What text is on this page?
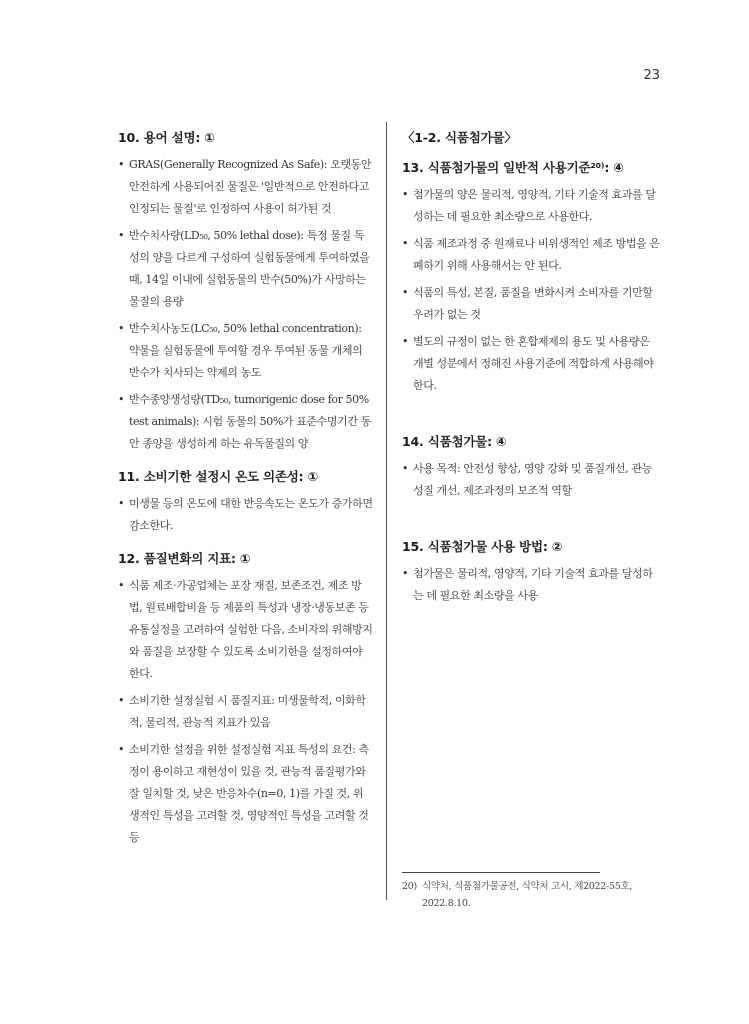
23
10. 용어 설명: ①
• GRAS(Generally Recognized As Safe): 오랫동안 안전하게 사용되어진 물질은 '일반적으로 안전하다고 인정되는 물질'로 인정하여 사용이 허가된 것
• 반수치사량(LD₅₀, 50% lethal dose): 특정 물질 독성의 양을 다르게 구성하여 실험동물에게 투여하였을 때, 14일 이내에 실험동물의 반수(50%)가 사망하는 물질의 용량
• 반수치사농도(LC₅₀, 50% lethal concentration): 약물을 실험동물에 투여할 경우 투여된 동물 개체의 반수가 치사되는 약제의 농도
• 반수종양생성량(TD₅₀, tumorigenic dose for 50% test animals): 시험 동물의 50%가 표준수명기간 동안 종양을 생성하게 하는 유독물질의 양
11. 소비기한 설정시 온도 의존성: ①
• 미생물 등의 온도에 대한 반응속도는 온도가 증가하면 감소한다.
12. 품질변화의 지표: ①
• 식품 제조·가공업체는 포장 재질, 보존조건, 제조 방법, 원료배합비율 등 제품의 특성과 냉장·냉동보존 등 유통실정을 고려하여 실험한 다음, 소비자의 위해방지와 품질을 보장할 수 있도록 소비기한을 설정하여야 한다.
• 소비기한 설정실험 시 품질지표: 미생물학적, 이화학적, 물리적, 관능적 지표가 있음
• 소비기한 설정을 위한 설정실험 지표 특성의 요건: 측정이 용이하고 재현성이 있을 것, 관능적 품질평가와 잘 일치할 것, 낮은 반응차수(n=0, 1)를 가질 것, 위생적인 특성을 고려할 것, 영양적인 특성을 고려할 것 등
〈1-2. 식품첨가물〉
13. 식품첨가물의 일반적 사용기준²⁰⁾: ④
• 첨가물의 양은 물리적, 영양적, 기타 기술적 효과를 달성하는 데 필요한 최소량으로 사용한다.
• 식품 제조과정 중 원재료나 비위생적인 제조 방법을 은폐하기 위해 사용해서는 안 된다.
• 식품의 특성, 본질, 품질을 변화시켜 소비자를 기만할 우려가 없는 것
• 별도의 규정이 없는 한 혼합제제의 용도 및 사용량은 개별 성분에서 정해진 사용기준에 적합하게 사용해야 한다.
14. 식품첨가물: ④
• 사용 목적: 안전성 향상, 영양 강화 및 품질개선, 관능성질 개선, 제조과정의 보조적 역할
15. 식품첨가물 사용 방법: ②
• 첨가물은 물리적, 영양적, 기타 기술적 효과를 달성하는 데 필요한 최소량을 사용
20) 식약처, 식품첨가물공전, 식약처 고시, 제2022-55호,
2022.8.10.
